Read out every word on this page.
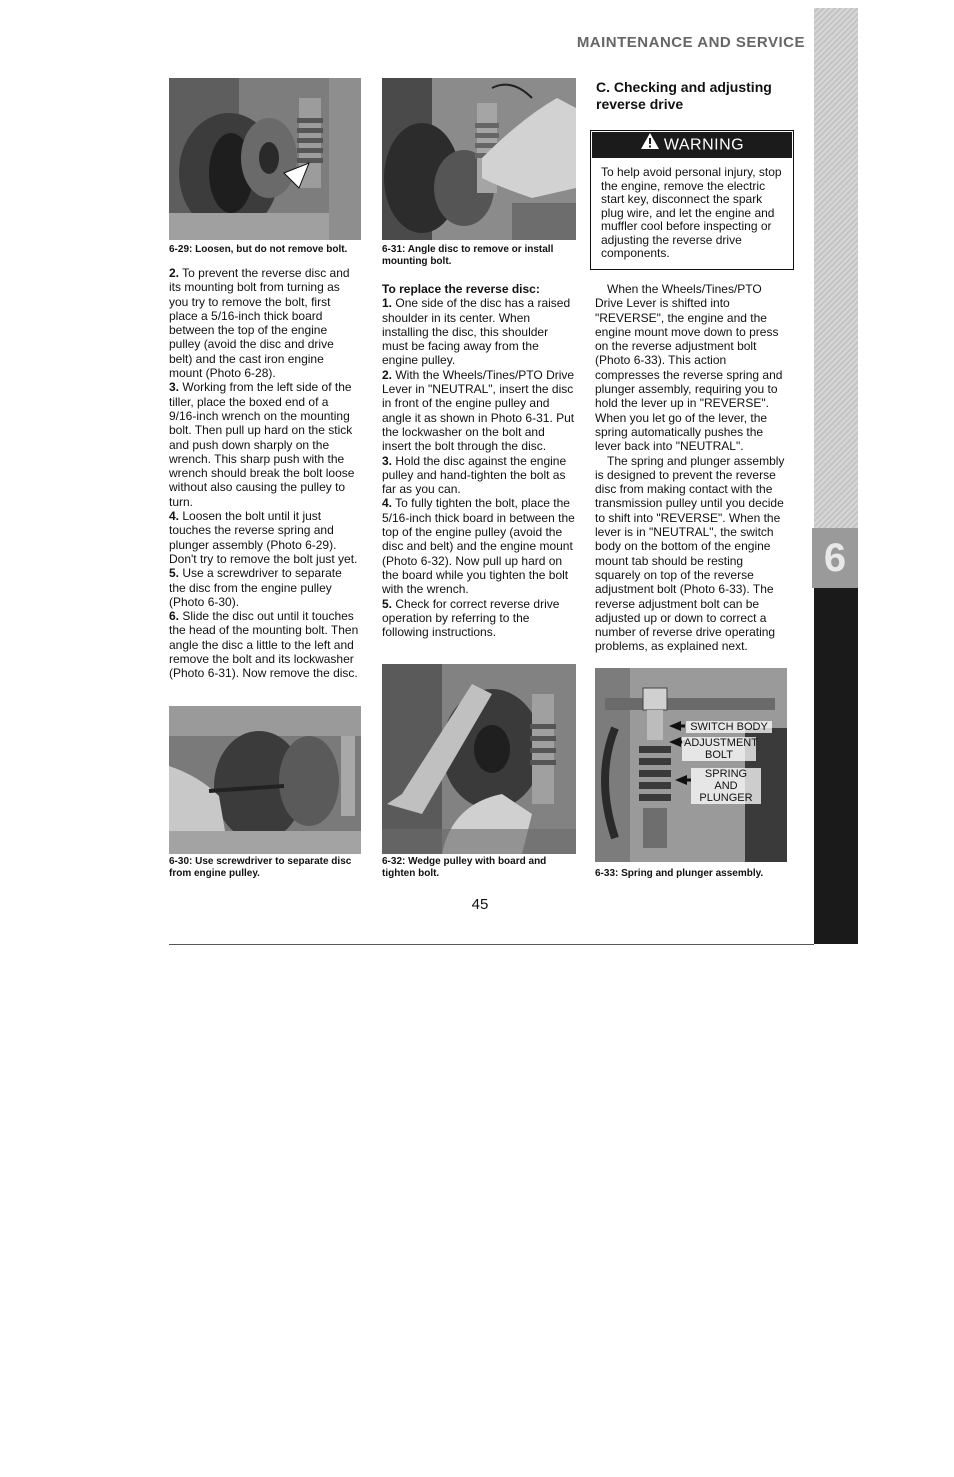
6
MAINTENANCE AND SERVICE
6-29: Loosen, but do not remove bolt.

2. To prevent the reverse disc and its mounting bolt from turning as you try to remove the bolt, first place a 5/16-inch thick board between the top of the engine pulley (avoid the disc and drive belt) and the cast iron engine mount (Photo 6-28).

3. Working from the left side of the tiller, place the boxed end of a 9/16-inch wrench on the mounting bolt. Then pull up hard on the stick and push down sharply on the wrench. This sharp push with the wrench should break the bolt loose without also causing the pulley to turn.

4. Loosen the bolt until it just touches the reverse spring and plunger assembly (Photo 6-29). Don't try to remove the bolt just yet.

5. Use a screwdriver to separate the disc from the engine pulley (Photo 6-30).

6. Slide the disc out until it touches the head of the mounting bolt. Then angle the disc a little to the left and remove the bolt and its lockwasher (Photo 6-31). Now remove the disc.

6-31: Angle disc to remove or install mounting bolt.

To replace the reverse disc:

1. One side of the disc has a raised shoulder in its center. When installing the disc, this shoulder must be facing away from the engine pulley.

2. With the Wheels/Tines/PTO Drive Lever in "NEUTRAL", insert the disc in front of the engine pulley and angle it as shown in Photo 6-31. Put the lockwasher on the bolt and insert the bolt through the disc.

3. Hold the disc against the engine pulley and hand-tighten the bolt as far as you can.

4. To fully tighten the bolt, place the 5/16-inch thick board in between the top of the engine pulley (avoid the disc and belt) and the engine mount (Photo 6-32). Now pull up hard on the board while you tighten the bolt with the wrench.

5. Check for correct reverse drive operation by referring to the following instructions.

C. Checking and adjusting reverse drive
WARNING
To help avoid personal injury, stop the engine, remove the electric start key, disconnect the spark plug wire, and let the engine and muffler cool before inspecting or adjusting the reverse drive components.

When the Wheels/Tines/PTO Drive Lever is shifted into "REVERSE", the engine and the engine mount move down to press on the reverse adjustment bolt (Photo 6-33). This action compresses the reverse spring and plunger assembly, requiring you to hold the lever up in "REVERSE". When you let go of the lever, the spring automatically pushes the lever back into "NEUTRAL".

The spring and plunger assembly is designed to prevent the reverse disc from making contact with the transmission pulley until you decide to shift into "REVERSE". When the lever is in "NEUTRAL", the switch body on the bottom of the engine mount tab should be resting squarely on top of the reverse adjustment bolt (Photo 6-33). The reverse adjustment bolt can be adjusted up or down to correct a number of reverse drive operating problems, as explained next.

6-30: Use screwdriver to separate disc from engine pulley.
6-32: Wedge pulley with board and tighten bolt.
SWITCH BODY
ADJUSTMENT BOLT
SPRING AND PLUNGER
6-33: Spring and plunger assembly.
45
